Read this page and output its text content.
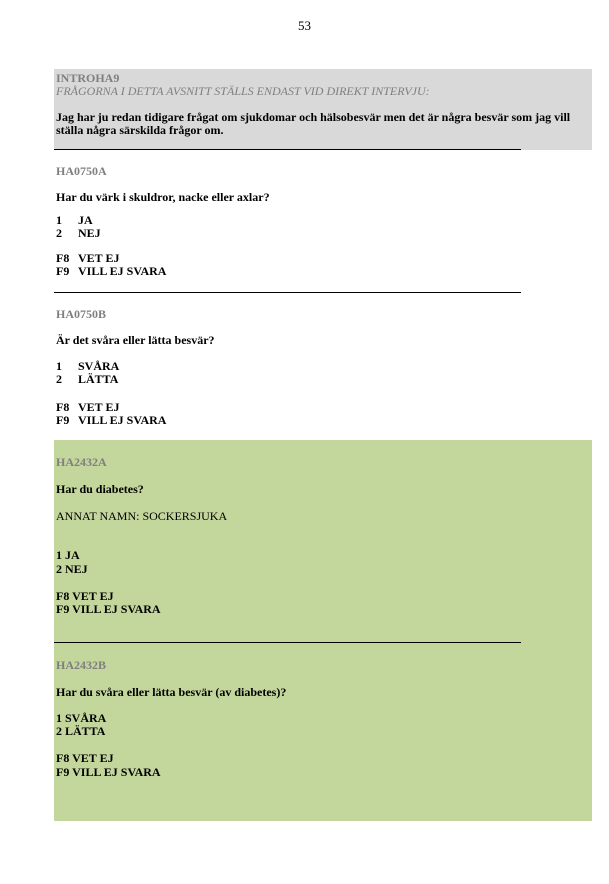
53
INTROHA9
FRÅGORNA I DETTA AVSNITT STÄLLS ENDAST VID DIREKT INTERVJU:
Jag har ju redan tidigare frågat om sjukdomar och hälsobesvär men det är några besvär som jag vill
ställa några särskilda frågor om.
HA0750A
Har du värk i skuldror, nacke eller axlar?
1 JA
2 NEJ
F8 VET EJ
F9 VILL EJ SVARA
HA0750B
Är det svåra eller lätta besvär?
1 SVÅRA
2 LÄTTA
F8 VET EJ
F9 VILL EJ SVARA
HA2432A
Har du diabetes?
ANNAT NAMN: SOCKERSJUKA
1 JA
2 NEJ
F8 VET EJ
F9 VILL EJ SVARA
HA2432B
Har du svåra eller lätta besvär (av diabetes)?
1 SVÅRA
2 LÄTTA
F8 VET EJ
F9 VILL EJ SVARA
